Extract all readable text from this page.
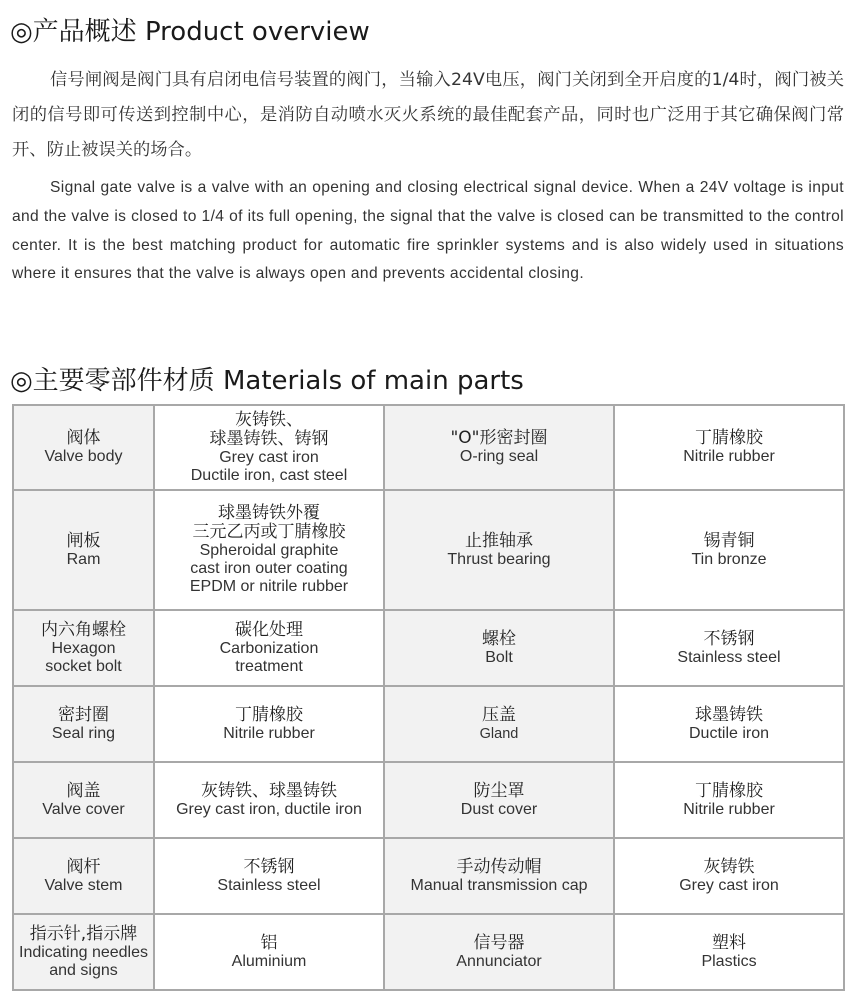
◎产品概述 Product overview
信号闸阀是阀门具有启闭电信号装置的阀门，当输入24V电压，阀门关闭到全开启度的1/4时，阀门被关闭的信号即可传送到控制中心，是消防自动喷水灭火系统的最佳配套产品，同时也广泛用于其它确保阀门常开、防止被误关的场合。
Signal gate valve is a valve with an opening and closing electrical signal device. When a 24V voltage is input and the valve is closed to 1/4 of its full opening, the signal that the valve is closed can be transmitted to the control center. It is the best matching product for automatic fire sprinkler systems and is also widely used in situations where it ensures that the valve is always open and prevents accidental closing.
◎主要零部件材质 Materials of main parts
阀体
Valve body	灰铸铁、
球墨铸铁、铸钢
Grey cast iron
Ductile iron, cast steel	"O"形密封圈
O-ring seal	丁腈橡胶
Nitrile rubber

闸板
Ram	球墨铸铁外覆
三元乙丙或丁腈橡胶
Spheroidal graphite
cast iron outer coating
EPDM or nitrile rubber	止推轴承
Thrust bearing	锡青铜
Tin bronze

内六角螺栓
Hexagon
socket bolt	碳化处理
Carbonization
treatment	螺栓
Bolt	不锈钢
Stainless steel

密封圈
Seal ring	丁腈橡胶
Nitrile rubber	压盖
Gland	球墨铸铁
Ductile iron

阀盖
Valve cover	灰铸铁、球墨铸铁
Grey cast iron, ductile iron	防尘罩
Dust cover	丁腈橡胶
Nitrile rubber

阀杆
Valve stem	不锈钢
Stainless steel	手动传动帽
Manual transmission cap	灰铸铁
Grey cast iron

指示针,指示牌
Indicating needles
and signs	铝
Aluminium	信号器
Annunciator	塑料
Plastics
